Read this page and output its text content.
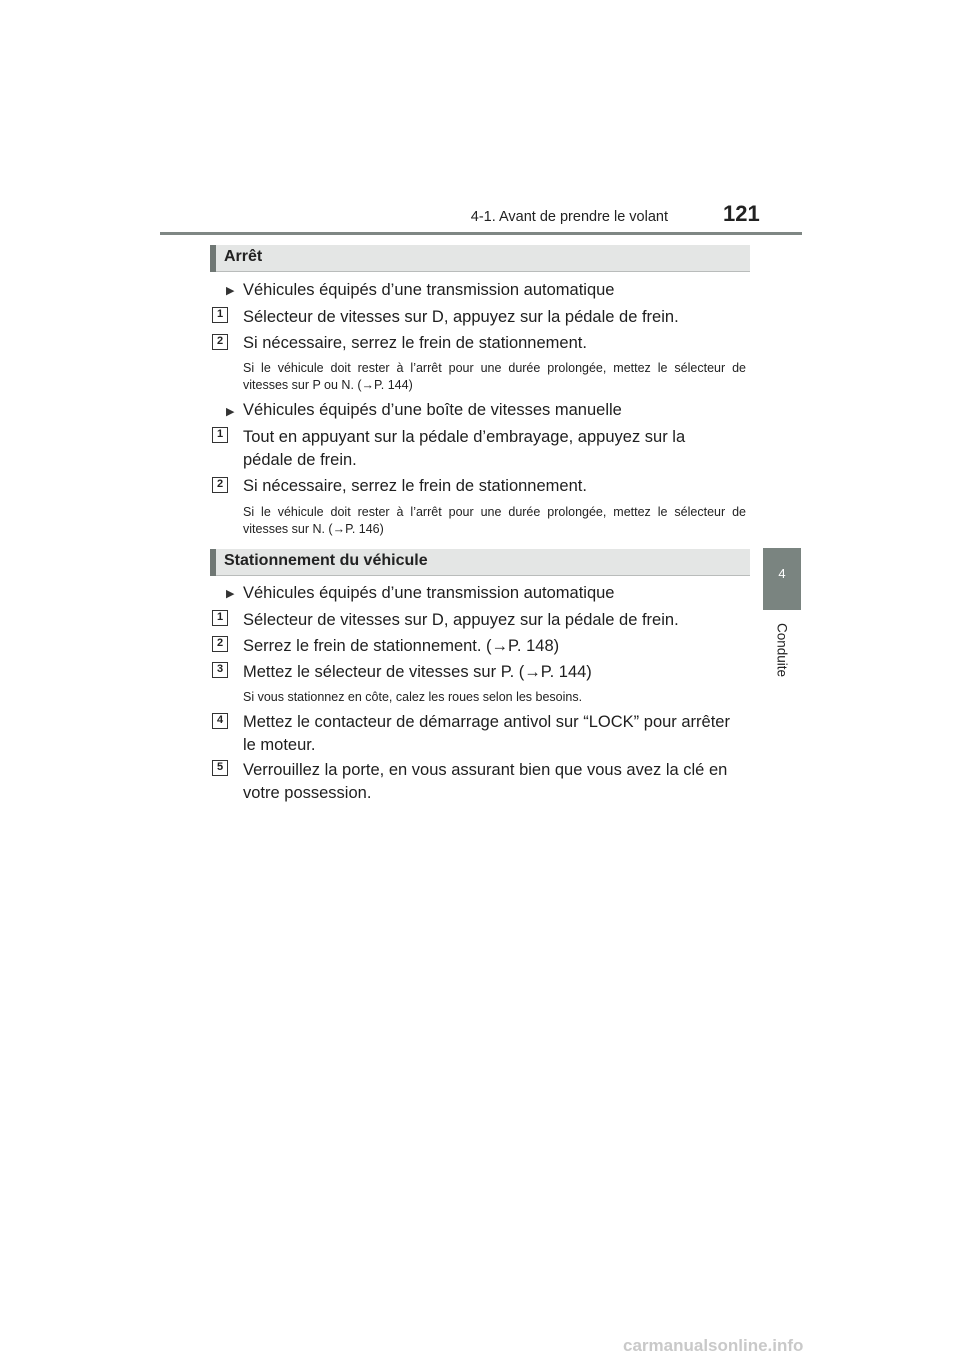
4-1. Avant de prendre le volant	121
4
Conduite
Arrêt
▶ Véhicules équipés d’une transmission automatique
1 Sélecteur de vitesses sur D, appuyez sur la pédale de frein.
2 Si nécessaire, serrez le frein de stationnement.
Si le véhicule doit rester à l’arrêt pour une durée prolongée, mettez le sélecteur de vitesses sur P ou N. (→P. 144)
▶ Véhicules équipés d’une boîte de vitesses manuelle
1 Tout en appuyant sur la pédale d’embrayage, appuyez sur la
pédale de frein.
2 Si nécessaire, serrez le frein de stationnement.
Si le véhicule doit rester à l’arrêt pour une durée prolongée, mettez le sélecteur de vitesses sur N. (→P. 146)
Stationnement du véhicule
▶ Véhicules équipés d’une transmission automatique
1 Sélecteur de vitesses sur D, appuyez sur la pédale de frein.
2 Serrez le frein de stationnement. (→P. 148)
3 Mettez le sélecteur de vitesses sur P. (→P. 144)
Si vous stationnez en côte, calez les roues selon les besoins.
4 Mettez le contacteur de démarrage antivol sur “LOCK” pour arrêter
le moteur.
5 Verrouillez la porte, en vous assurant bien que vous avez la clé en
votre possession.
carmanualsonline.info
